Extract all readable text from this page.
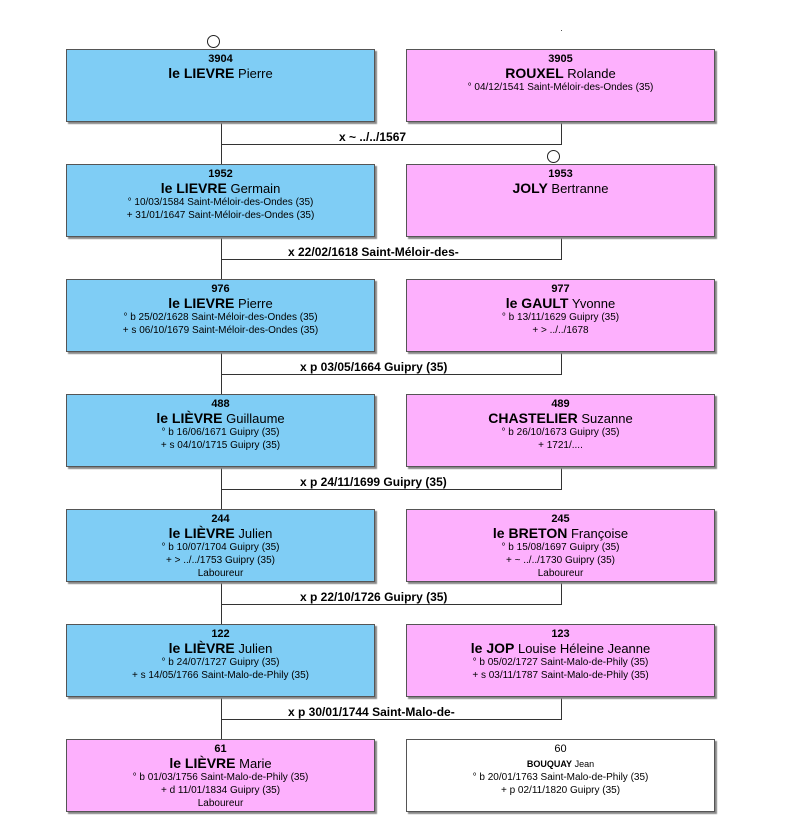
x ~ ../../1567
x 22/02/1618 Saint-Méloir-des-
x p 03/05/1664 Guipry (35)
x p 24/11/1699 Guipry (35)
x p 22/10/1726 Guipry (35)
x p 30/01/1744 Saint-Malo-de-
3904
le LIEVRE Pierre
3905
ROUXEL Rolande
° 04/12/1541 Saint-Méloir-des-Ondes (35)
1952
le LIEVRE Germain
° 10/03/1584 Saint-Méloir-des-Ondes (35)
+ 31/01/1647 Saint-Méloir-des-Ondes (35)
1953
JOLY Bertranne
976
le LIEVRE Pierre
° b 25/02/1628 Saint-Méloir-des-Ondes (35)
+ s 06/10/1679 Saint-Méloir-des-Ondes (35)
977
le GAULT Yvonne
° b 13/11/1629 Guipry (35)
+ > ../../1678
488
le LIÈVRE Guillaume
° b 16/06/1671 Guipry (35)
+ s 04/10/1715 Guipry (35)
489
CHASTELIER Suzanne
° b 26/10/1673 Guipry (35)
+ 1721/....
244
le LIÈVRE Julien
° b 10/07/1704 Guipry (35)
+ > ../../1753 Guipry (35)
Laboureur
245
le BRETON Françoise
° b 15/08/1697 Guipry (35)
+ ~ ../../1730 Guipry (35)
Laboureur
122
le LIÈVRE Julien
° b 24/07/1727 Guipry (35)
+ s 14/05/1766 Saint-Malo-de-Phily (35)
123
le JOP Louise Héleine Jeanne
° b 05/02/1727 Saint-Malo-de-Phily (35)
+ s 03/11/1787 Saint-Malo-de-Phily (35)
61
le LIÈVRE Marie
° b 01/03/1756 Saint-Malo-de-Phily (35)
+ d 11/01/1834 Guipry (35)
Laboureur
60
BOUQUAY Jean
° b 20/01/1763 Saint-Malo-de-Phily (35)
+ p 02/11/1820 Guipry (35)
